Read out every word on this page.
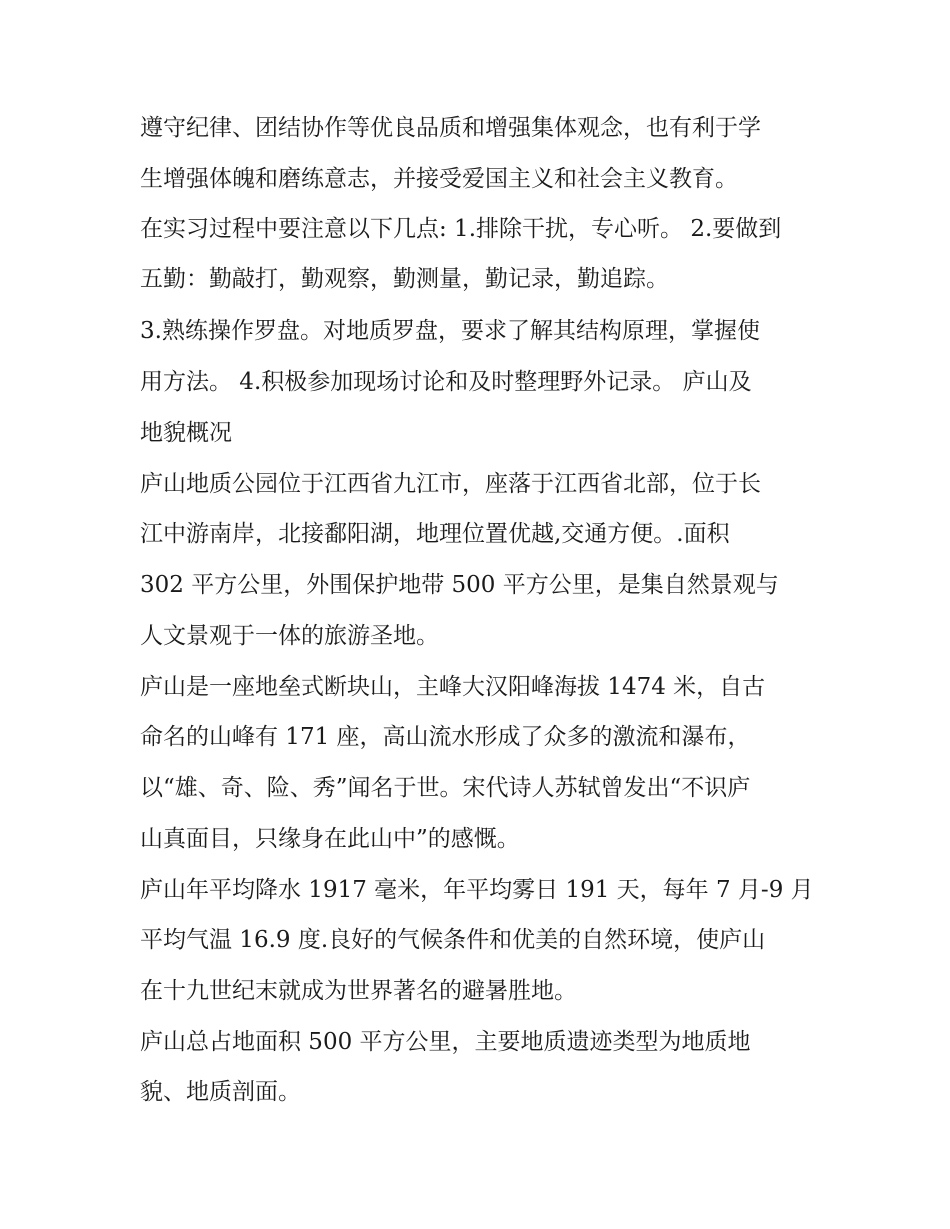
遵守纪律、团结协作等优良品质和增强集体观念，也有利于学
生增强体魄和磨练意志，并接受爱国主义和社会主义教育。
在实习过程中要注意以下几点: 1.排除干扰，专心听。 2.要做到
五勤：勤敲打，勤观察，勤测量，勤记录，勤追踪。
3.熟练操作罗盘。对地质罗盘，要求了解其结构原理，掌握使
用方法。 4.积极参加现场讨论和及时整理野外记录。 庐山及
地貌概况
庐山地质公园位于江西省九江市，座落于江西省北部，位于长
江中游南岸，北接鄱阳湖，地理位置优越,交通方便。.面积
302 平方公里，外围保护地带 500 平方公里，是集自然景观与
人文景观于一体的旅游圣地。
庐山是一座地垒式断块山，主峰大汉阳峰海拔 1474 米，自古
命名的山峰有 171 座，高山流水形成了众多的激流和瀑布，
以“雄、奇、险、秀”闻名于世。宋代诗人苏轼曾发出“不识庐
山真面目，只缘身在此山中”的感慨。
庐山年平均降水 1917 毫米，年平均雾日 191 天，每年 7 月-9 月
平均气温 16.9 度.良好的气候条件和优美的自然环境，使庐山
在十九世纪末就成为世界著名的避暑胜地。
庐山总占地面积 500 平方公里，主要地质遗迹类型为地质地
貌、地质剖面。
